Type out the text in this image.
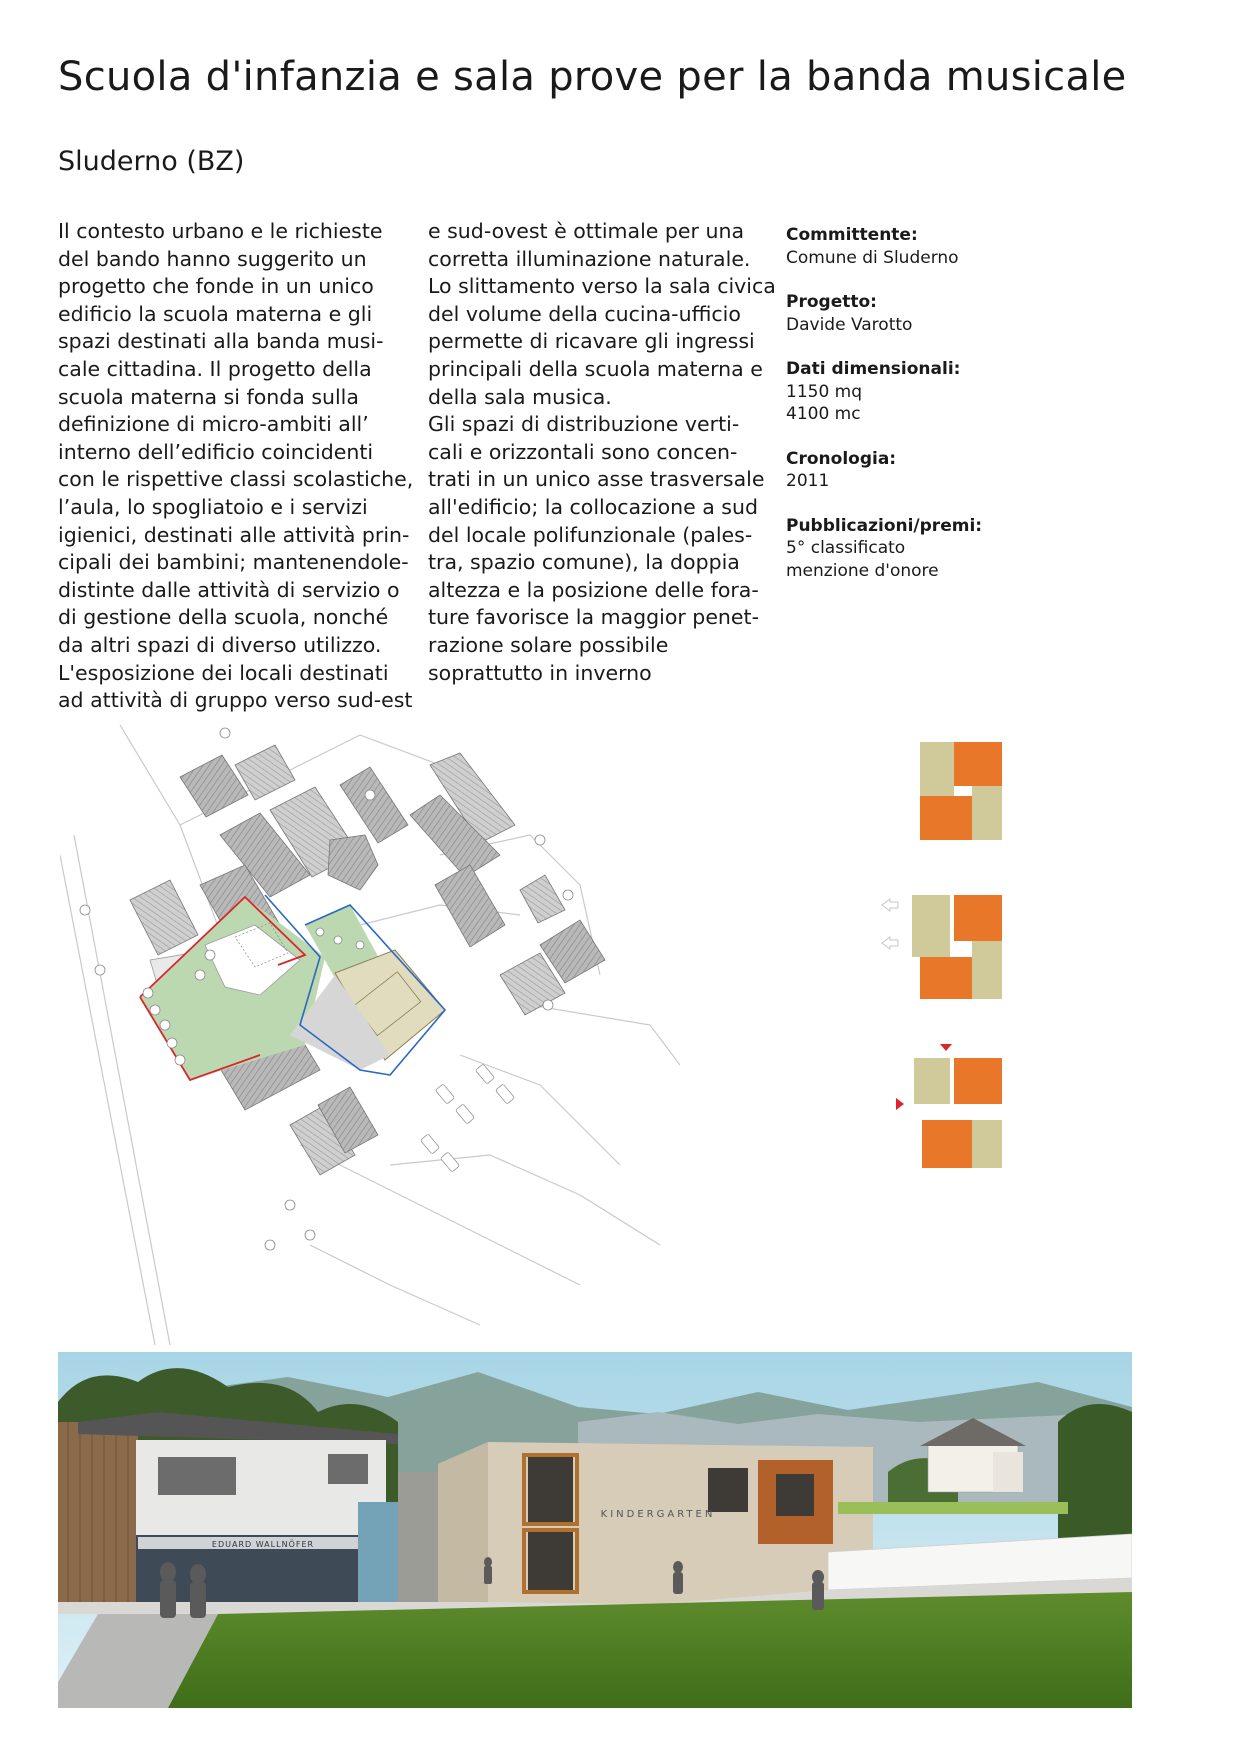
Scuola d'infanzia e sala prove per la banda musicale
Sluderno (BZ)

Il contesto urbano e le richieste
del bando hanno suggerito un
progetto che fonde in un unico
edificio la scuola materna e gli
spazi destinati alla banda musi-
cale cittadina. Il progetto della
scuola materna si fonda sulla
definizione di micro-ambiti all’
interno dell’edificio coincidenti
con le rispettive classi scolastiche,
l’aula, lo spogliatoio e i servizi
igienici, destinati alle attività prin-
cipali dei bambini; mantenendole-
distinte dalle attività di servizio o
di gestione della scuola, nonché
da altri spazi di diverso utilizzo.
L'esposizione dei locali destinati
ad attività di gruppo verso sud-est

e sud-ovest è ottimale per una
corretta illuminazione naturale.
Lo slittamento verso la sala civica
del volume della cucina-ufficio
permette di ricavare gli ingressi
principali della scuola materna e
della sala musica.
Gli spazi di distribuzione verti-
cali e orizzontali sono concen-
trati in un unico asse trasversale
all'edificio; la collocazione a sud
del locale polifunzionale (pales-
tra, spazio comune), la doppia
altezza e la posizione delle fora-
ture favorisce la maggior penet-
razione solare possibile
soprattutto in inverno

Committente:
Comune di Sluderno
Progetto:
Davide Varotto
Dati dimensionali:
1150 mq
4100 mc
Cronologia:
2011
Pubblicazioni/premi:
5° classificato
menzione d'onore
EDUARD WALLNÖFER
KINDERGARTEN
